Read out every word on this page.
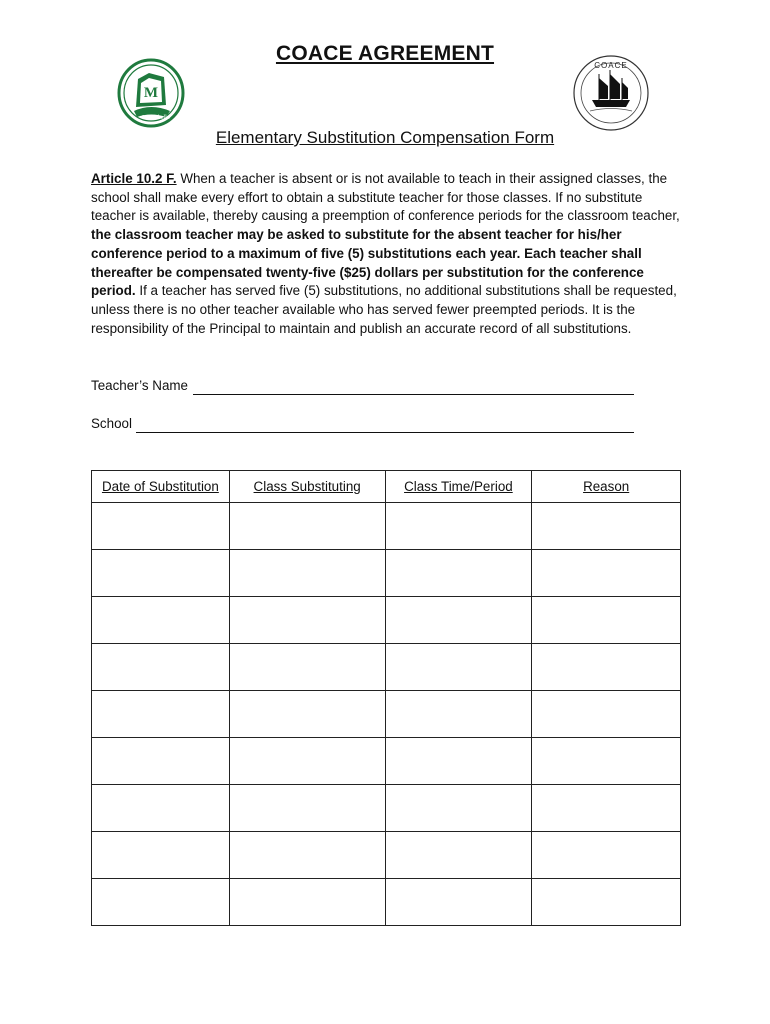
COACE AGREEMENT
M
Montebello
COACE
Elementary Substitution Compensation Form
Article 10.2 F. When a teacher is absent or is not available to teach in their assigned classes, the school shall make every effort to obtain a substitute teacher for those classes. If no substitute teacher is available, thereby causing a preemption of conference periods for the classroom teacher, the classroom teacher may be asked to substitute for the absent teacher for his/her conference period to a maximum of five (5) substitutions each year. Each teacher shall thereafter be compensated twenty-five ($25) dollars per substitution for the conference period. If a teacher has served five (5) substitutions, no additional substitutions shall be requested, unless there is no other teacher available who has served fewer preempted periods. It is the responsibility of the Principal to maintain and publish an accurate record of all substitutions.
Teacher’s Name
School
Date of Substitution	Class Substituting	Class Time/Period	Reason
